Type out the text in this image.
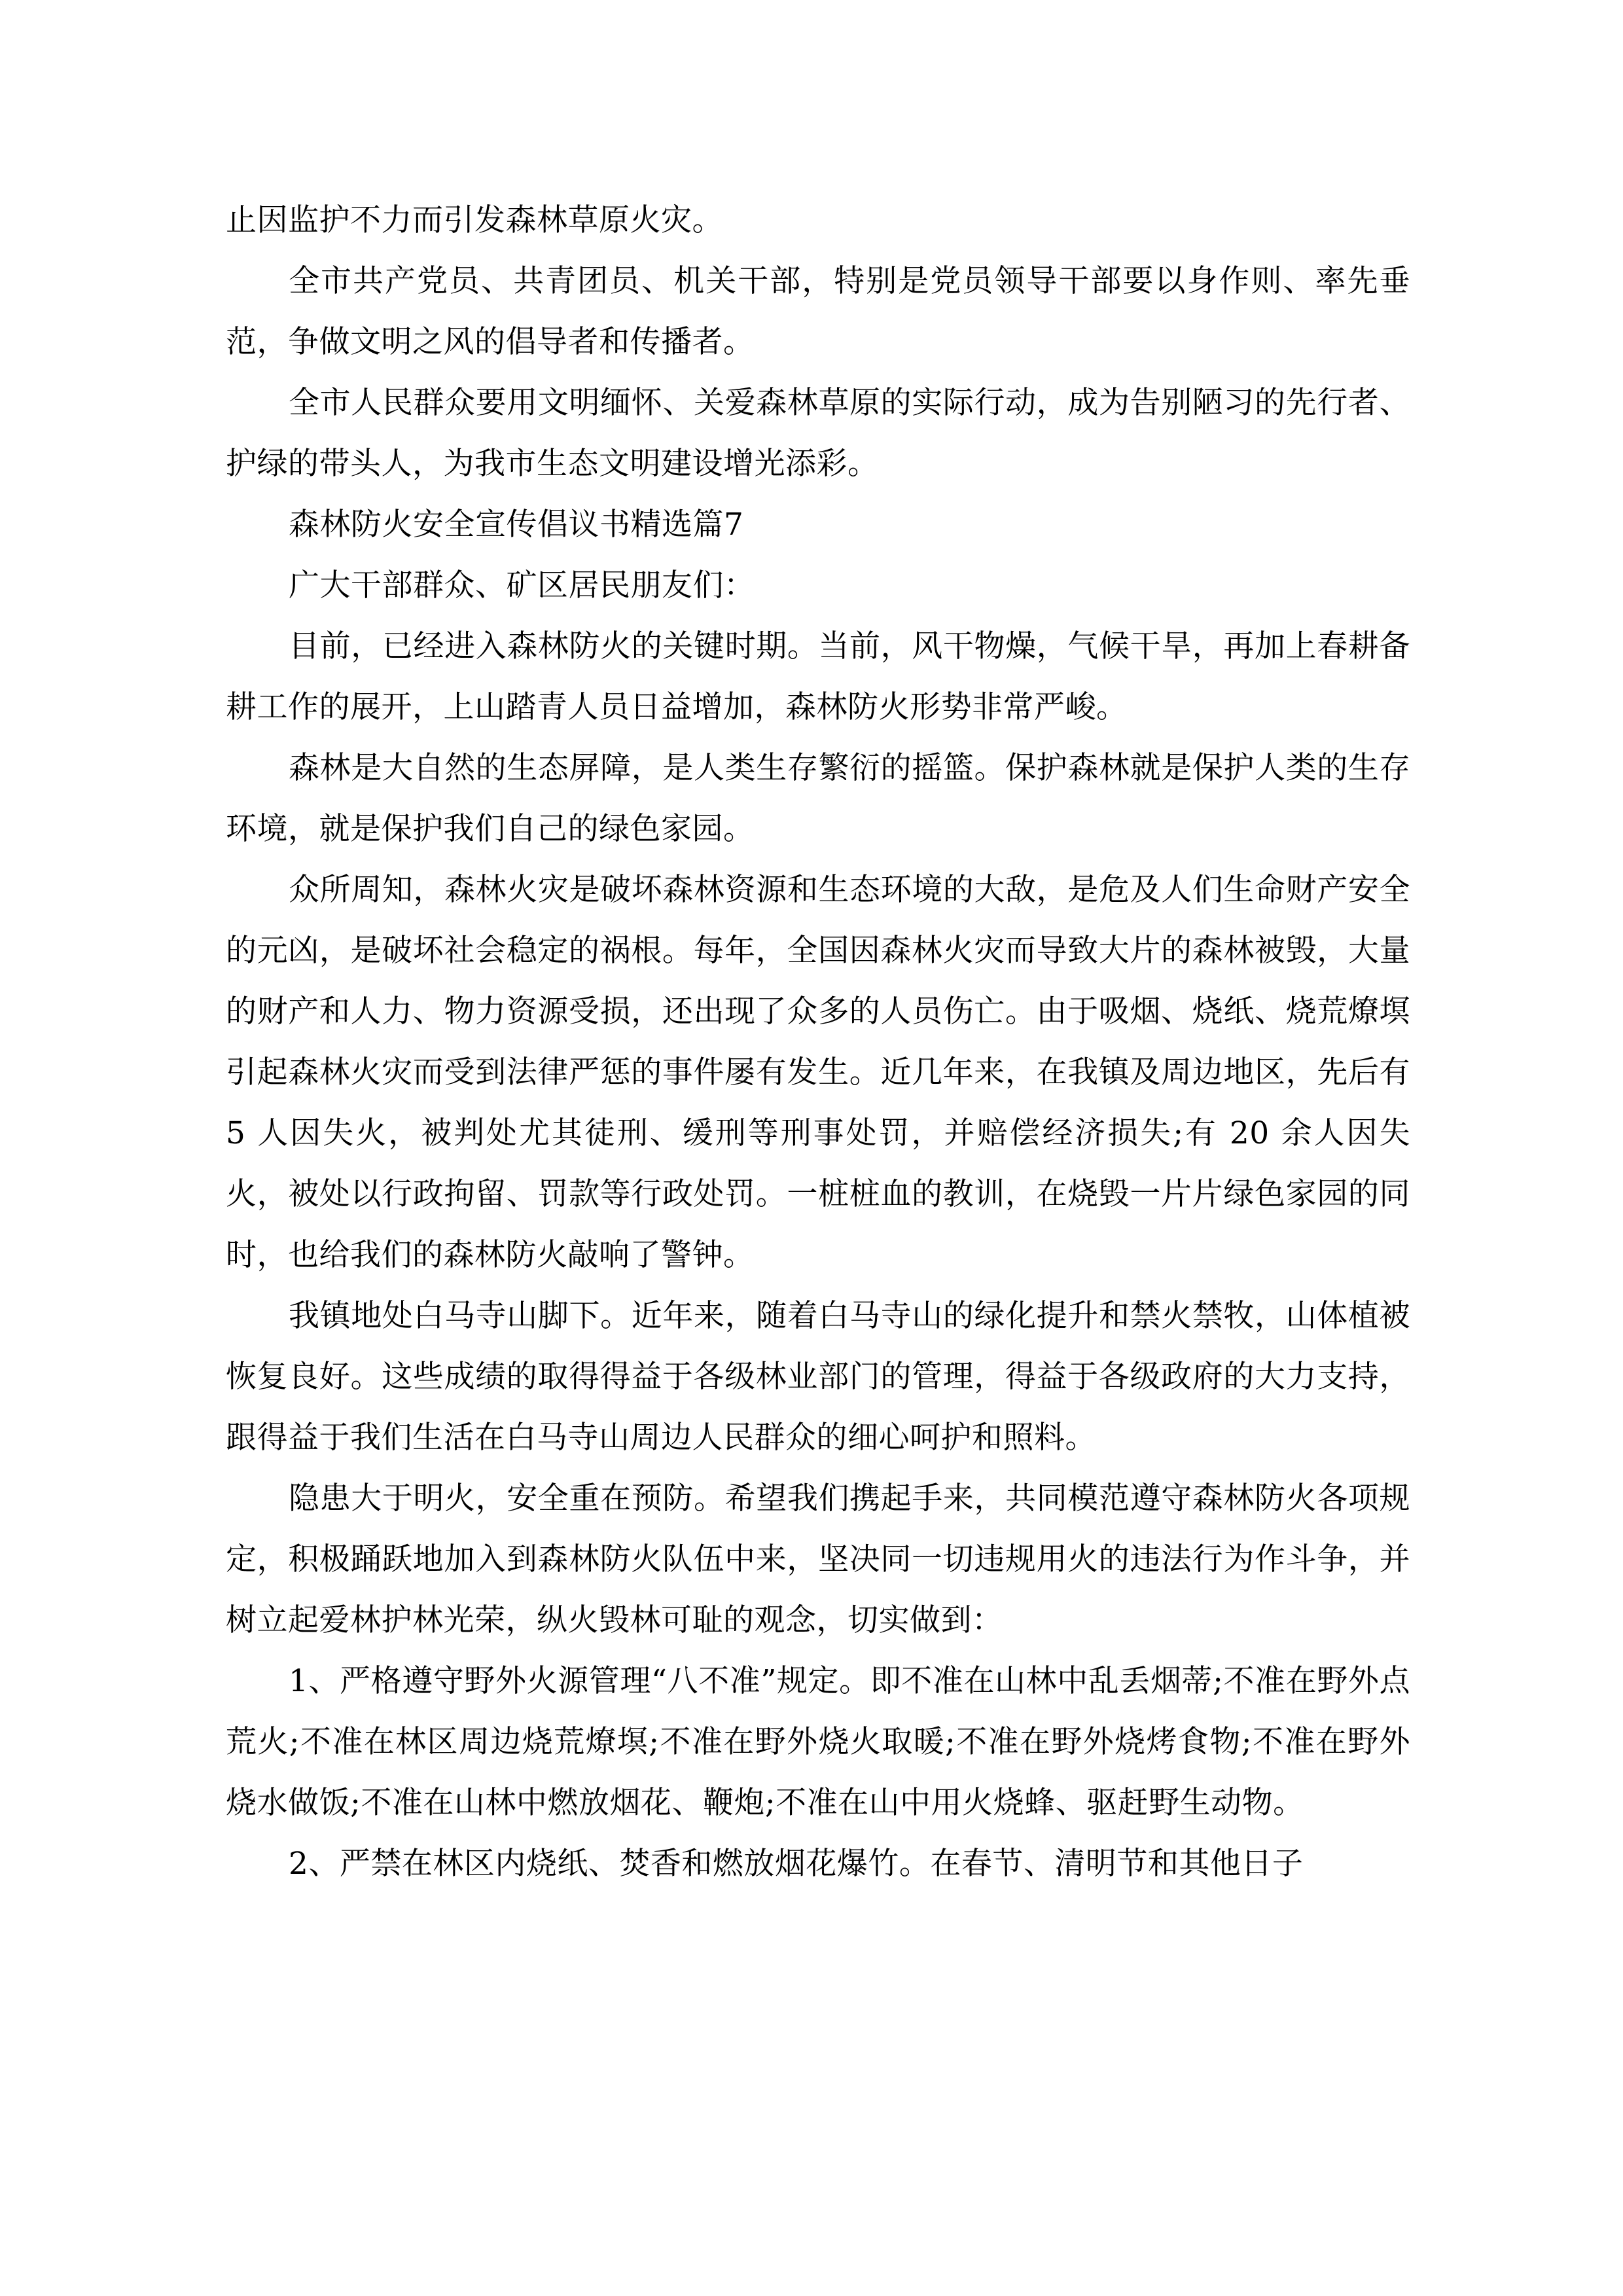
止因监护不力而引发森林草原火灾。

全市共产党员、共青团员、机关干部，特别是党员领导干部要以身作则、率先垂范，争做文明之风的倡导者和传播者。

全市人民群众要用文明缅怀、关爱森林草原的实际行动，成为告别陋习的先行者、护绿的带头人，为我市生态文明建设增光添彩。

森林防火安全宣传倡议书精选篇7

广大干部群众、矿区居民朋友们：

目前，已经进入森林防火的关键时期。当前，风干物燥，气候干旱，再加上春耕备耕工作的展开，上山踏青人员日益增加，森林防火形势非常严峻。

森林是大自然的生态屏障，是人类生存繁衍的摇篮。保护森林就是保护人类的生存环境，就是保护我们自己的绿色家园。

众所周知，森林火灾是破坏森林资源和生态环境的大敌，是危及人们生命财产安全的元凶，是破坏社会稳定的祸根。每年，全国因森林火灾而导致大片的森林被毁，大量的财产和人力、物力资源受损，还出现了众多的人员伤亡。由于吸烟、烧纸、烧荒燎塓引起森林火灾而受到法律严惩的事件屡有发生。近几年来，在我镇及周边地区，先后有 5 人因失火，被判处尤其徒刑、缓刑等刑事处罚，并赔偿经济损失;有 20 余人因失火，被处以行政拘留、罚款等行政处罚。一桩桩血的教训，在烧毁一片片绿色家园的同时，也给我们的森林防火敲响了警钟。

我镇地处白马寺山脚下。近年来，随着白马寺山的绿化提升和禁火禁牧，山体植被恢复良好。这些成绩的取得得益于各级林业部门的管理，得益于各级政府的大力支持，跟得益于我们生活在白马寺山周边人民群众的细心呵护和照料。

隐患大于明火，安全重在预防。希望我们携起手来，共同模范遵守森林防火各项规定，积极踊跃地加入到森林防火队伍中来，坚决同一切违规用火的违法行为作斗争，并树立起爱林护林光荣，纵火毁林可耻的观念，切实做到：

1、严格遵守野外火源管理“八不准”规定。即不准在山林中乱丢烟蒂;不准在野外点荒火;不准在林区周边烧荒燎塓;不准在野外烧火取暖;不准在野外烧烤食物;不准在野外烧水做饭;不准在山林中燃放烟花、鞭炮;不准在山中用火烧蜂、驱赶野生动物。

2、严禁在林区内烧纸、焚香和燃放烟花爆竹。在春节、清明节和其他日子
